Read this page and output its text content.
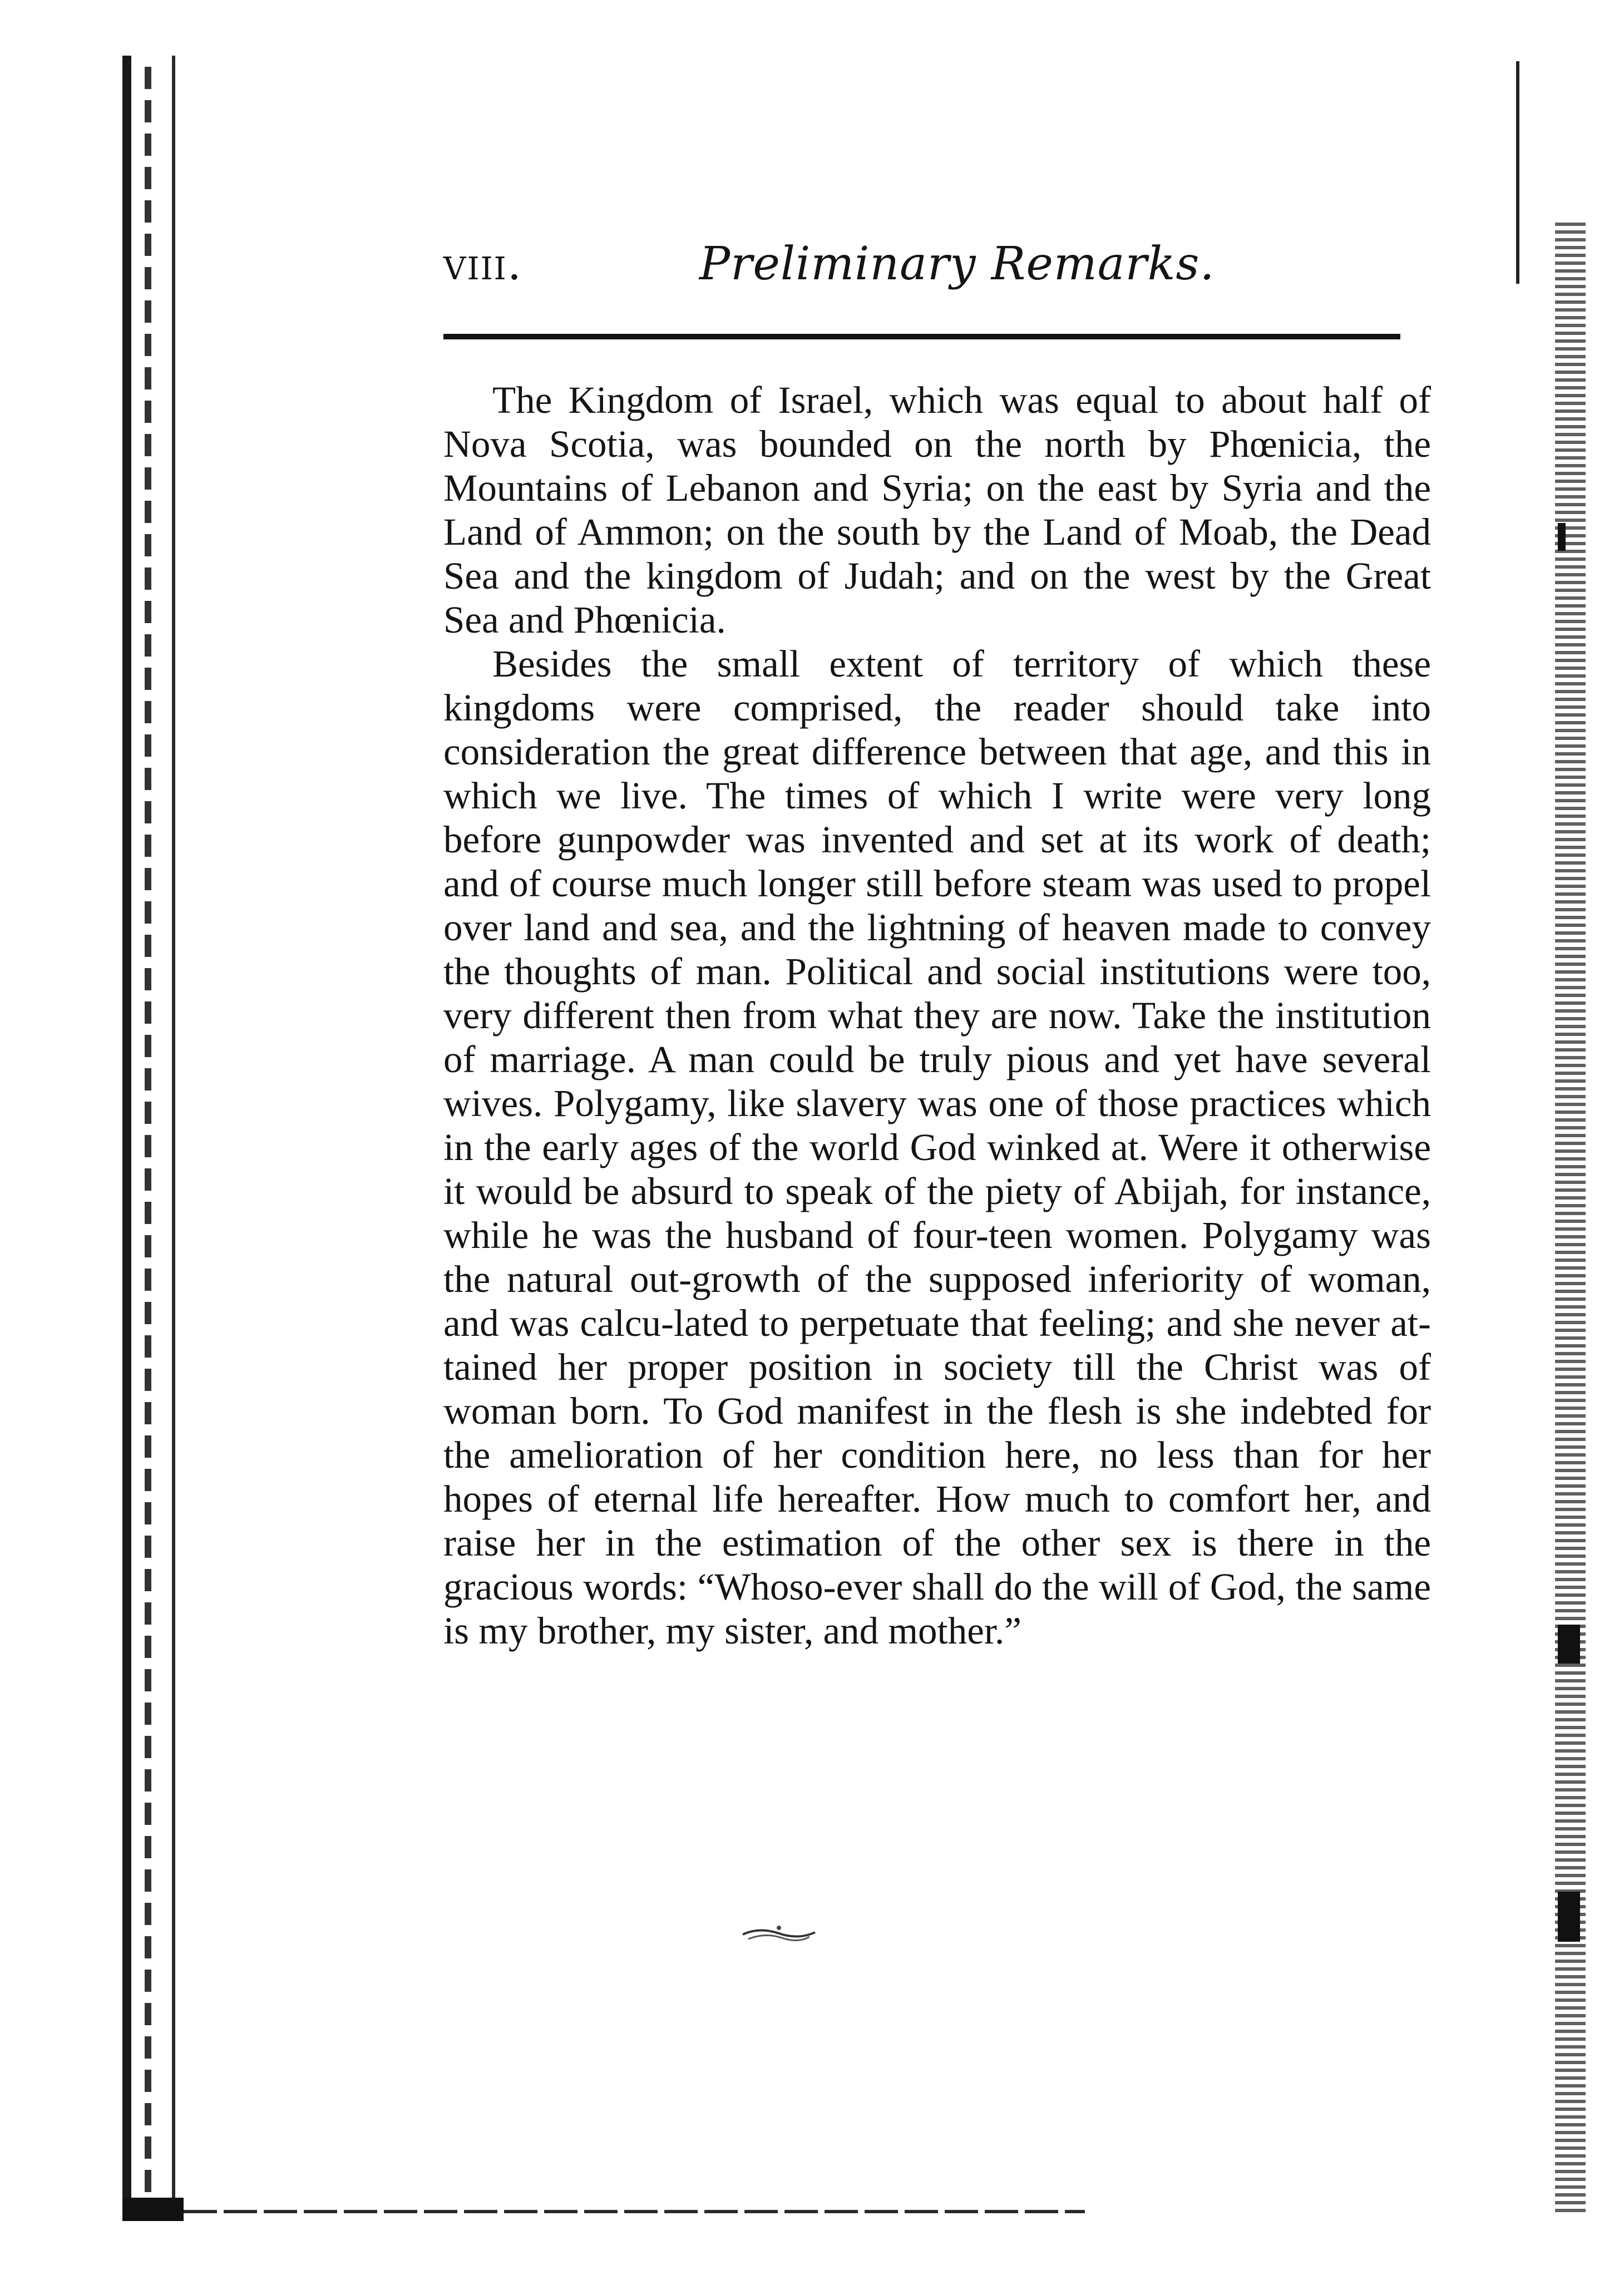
viii.	Preliminary Remarks.

The Kingdom of Israel, which was equal to about half of Nova Scotia, was bounded on the north by Phœnicia, the Mountains of Lebanon and Syria; on the east by Syria and the Land of Ammon; on the south by the Land of Moab, the Dead Sea and the kingdom of Judah; and on the west by the Great Sea and Phœnicia.

Besides the small extent of territory of which these kingdoms were comprised, the reader should take into consideration the great difference between that age, and this in which we live. The times of which I write were very long before gunpowder was invented and set at its work of death; and of course much longer still before steam was used to propel over land and sea, and the lightning of heaven made to convey the thoughts of man. Political and social institutions were too, very different then from what they are now. Take the institution of marriage. A man could be truly pious and yet have several wives. Polygamy, like slavery was one of those practices which in the early ages of the world God winked at. Were it otherwise it would be absurd to speak of the piety of Abijah, for instance, while he was the husband of four-teen women. Polygamy was the natural out-growth of the supposed inferiority of woman, and was calcu-lated to perpetuate that feeling; and she never at-tained her proper position in society till the Christ was of woman born. To God manifest in the flesh is she indebted for the amelioration of her condition here, no less than for her hopes of eternal life hereafter. How much to comfort her, and raise her in the estimation of the other sex is there in the gracious words: “Whoso-ever shall do the will of God, the same is my brother, my sister, and mother.”
